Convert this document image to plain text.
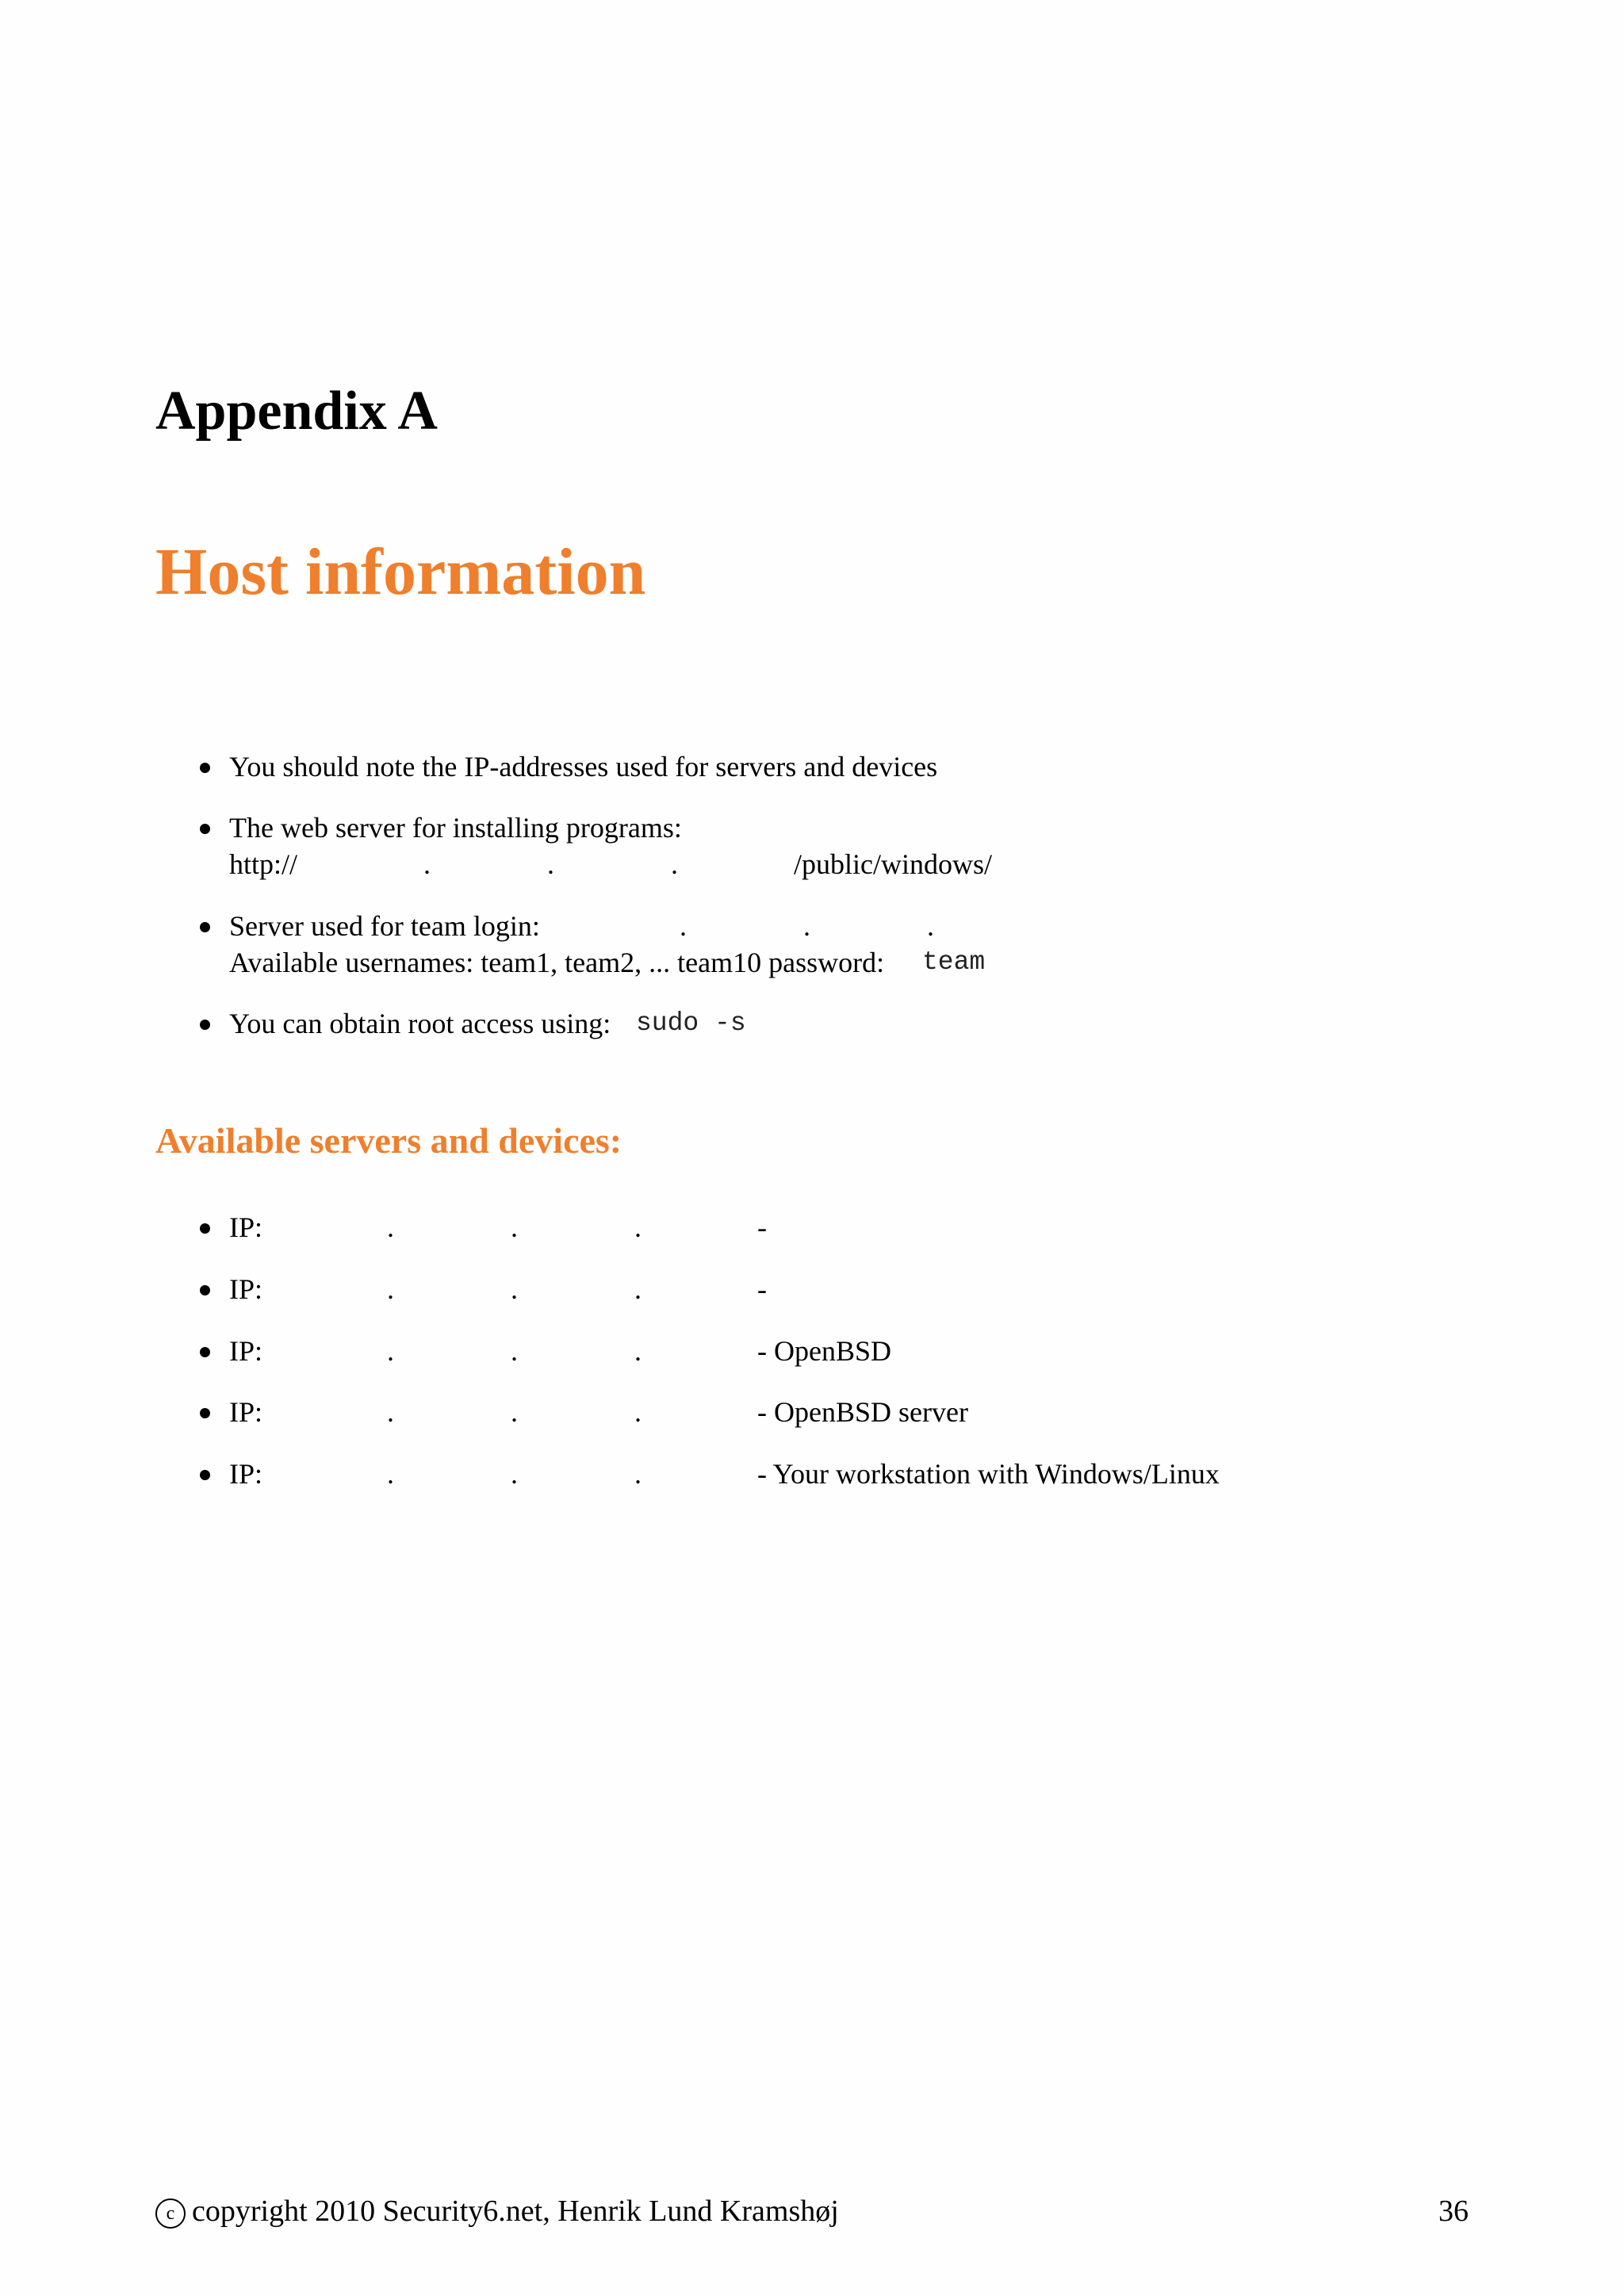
Appendix A
Host information
You should note the IP-addresses used for servers and devices
The web server for installing programs:
http://	.	.	.	/public/windows/
Server used for team login:	.	.	.
Available usernames: team1, team2, ... team10 password: team
You can obtain root access using: sudo -s
Available servers and devices:
IP:	.	.	.	-
IP:	.	.	.	-
IP:	.	.	.	- OpenBSD
IP:	.	.	.	- OpenBSD server
IP:	.	.	.	- Your workstation with Windows/Linux
c copyright 2010 Security6.net, Henrik Lund Kramshøj	36
